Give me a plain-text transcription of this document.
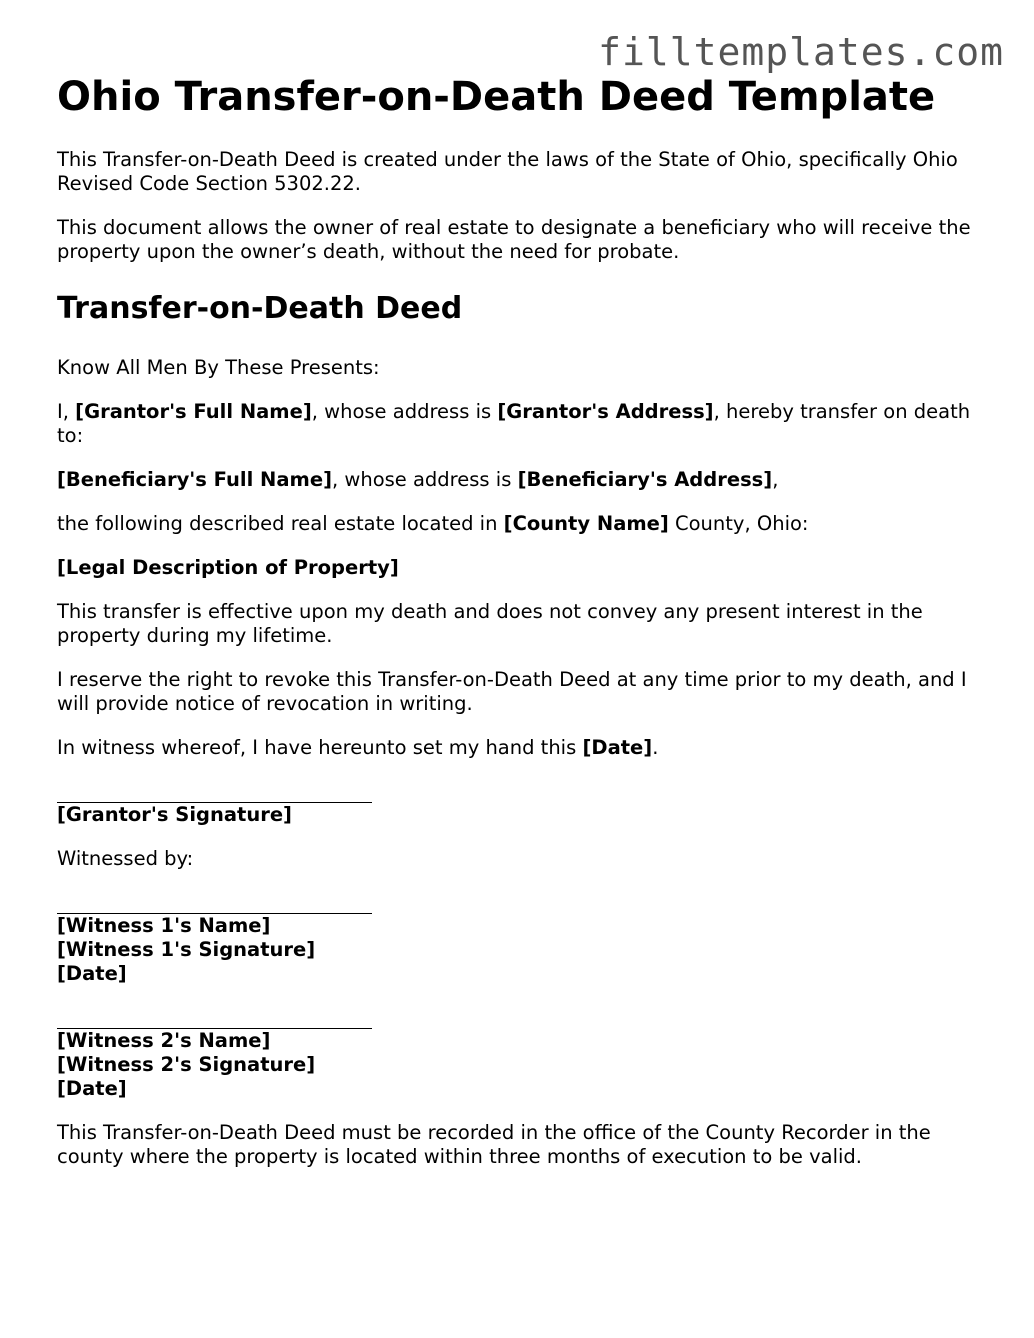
filltemplates.com
Ohio Transfer-on-Death Deed Template

This Transfer-on-Death Deed is created under the laws of the State of Ohio, specifically Ohio Revised Code Section 5302.22.

This document allows the owner of real estate to designate a beneficiary who will receive the property upon the owner’s death, without the need for probate.

Transfer-on-Death Deed

Know All Men By These Presents:

I, [Grantor's Full Name], whose address is [Grantor's Address], hereby transfer on death to:

[Beneficiary's Full Name], whose address is [Beneficiary's Address],

the following described real estate located in [County Name] County, Ohio:

[Legal Description of Property]

This transfer is effective upon my death and does not convey any present interest in the property during my lifetime.

I reserve the right to revoke this Transfer-on-Death Deed at any time prior to my death, and I will provide notice of revocation in writing.

In witness whereof, I have hereunto set my hand this [Date].

[Grantor's Signature]

Witnessed by:

[Witness 1's Name]
[Witness 1's Signature]
[Date]
[Witness 2's Name]
[Witness 2's Signature]
[Date]

This Transfer-on-Death Deed must be recorded in the office of the County Recorder in the county where the property is located within three months of execution to be valid.
